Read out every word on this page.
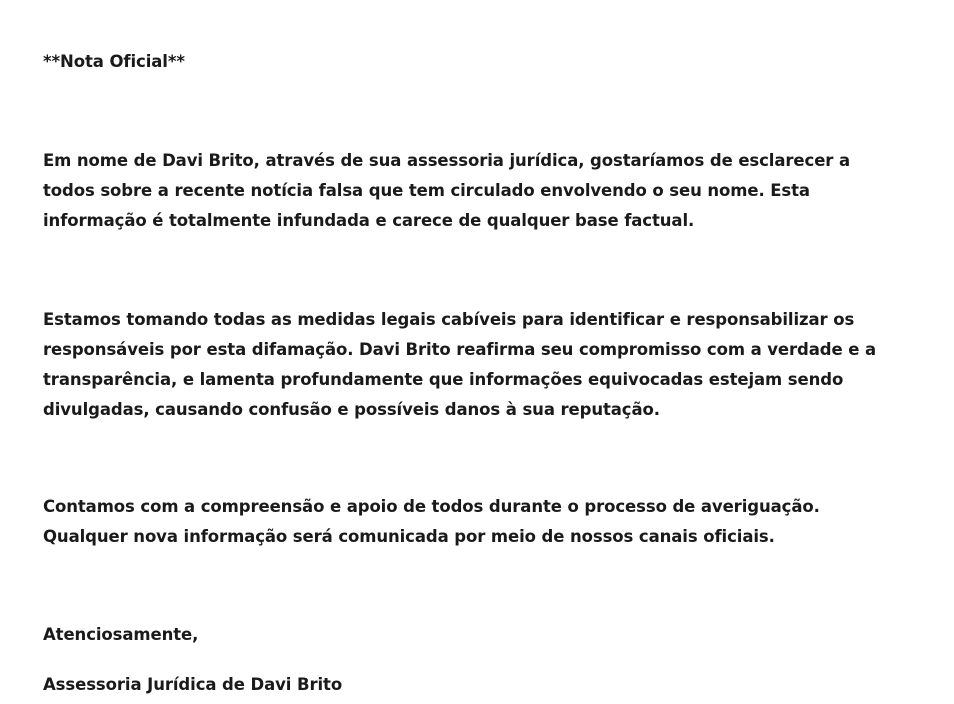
**Nota Oficial**
Em nome de Davi Brito, através de sua assessoria jurídica, gostaríamos de esclarecer a
todos sobre a recente notícia falsa que tem circulado envolvendo o seu nome. Esta
informação é totalmente infundada e carece de qualquer base factual.
Estamos tomando todas as medidas legais cabíveis para identificar e responsabilizar os
responsáveis por esta difamação. Davi Brito reafirma seu compromisso com a verdade e a
transparência, e lamenta profundamente que informações equivocadas estejam sendo
divulgadas, causando confusão e possíveis danos à sua reputação.
Contamos com a compreensão e apoio de todos durante o processo de averiguação.
Qualquer nova informação será comunicada por meio de nossos canais oficiais.
Atenciosamente,
Assessoria Jurídica de Davi Brito
